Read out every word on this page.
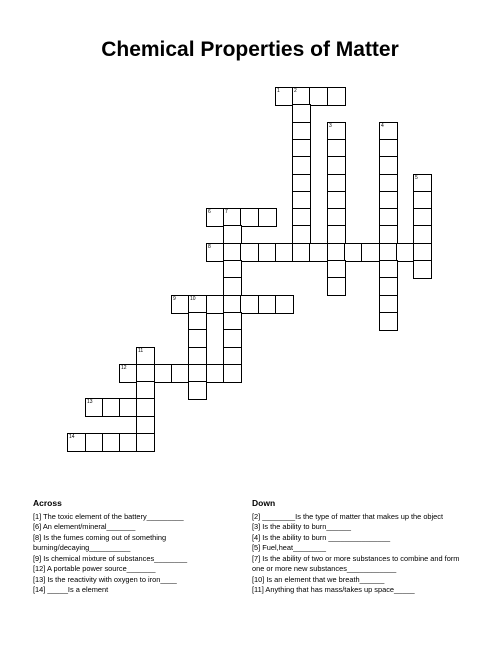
Chemical Properties of Matter
1	2
3	4
5
6	7
8
9	10
11
12
13
14
Across

[1] The toxic element of the battery_________

[6] An element/mineral_______

[8] Is the fumes coming out of something burning/decaying__________

[9] Is chemical mixture of substances________

[12] A portable power source_______

[13] Is the reactivity with oxygen to iron____

[14] _____Is a element

Down

[2] ________Is the type of matter that makes up the object

[3] Is the ability to burn______

[4] Is the ability to burn _______________

[5] Fuel,heat________

[7] Is the ability of two or more substances to combine and form one or more new substances____________

[10] Is an element that we breath______

[11] Anything that has mass/takes up space_____
